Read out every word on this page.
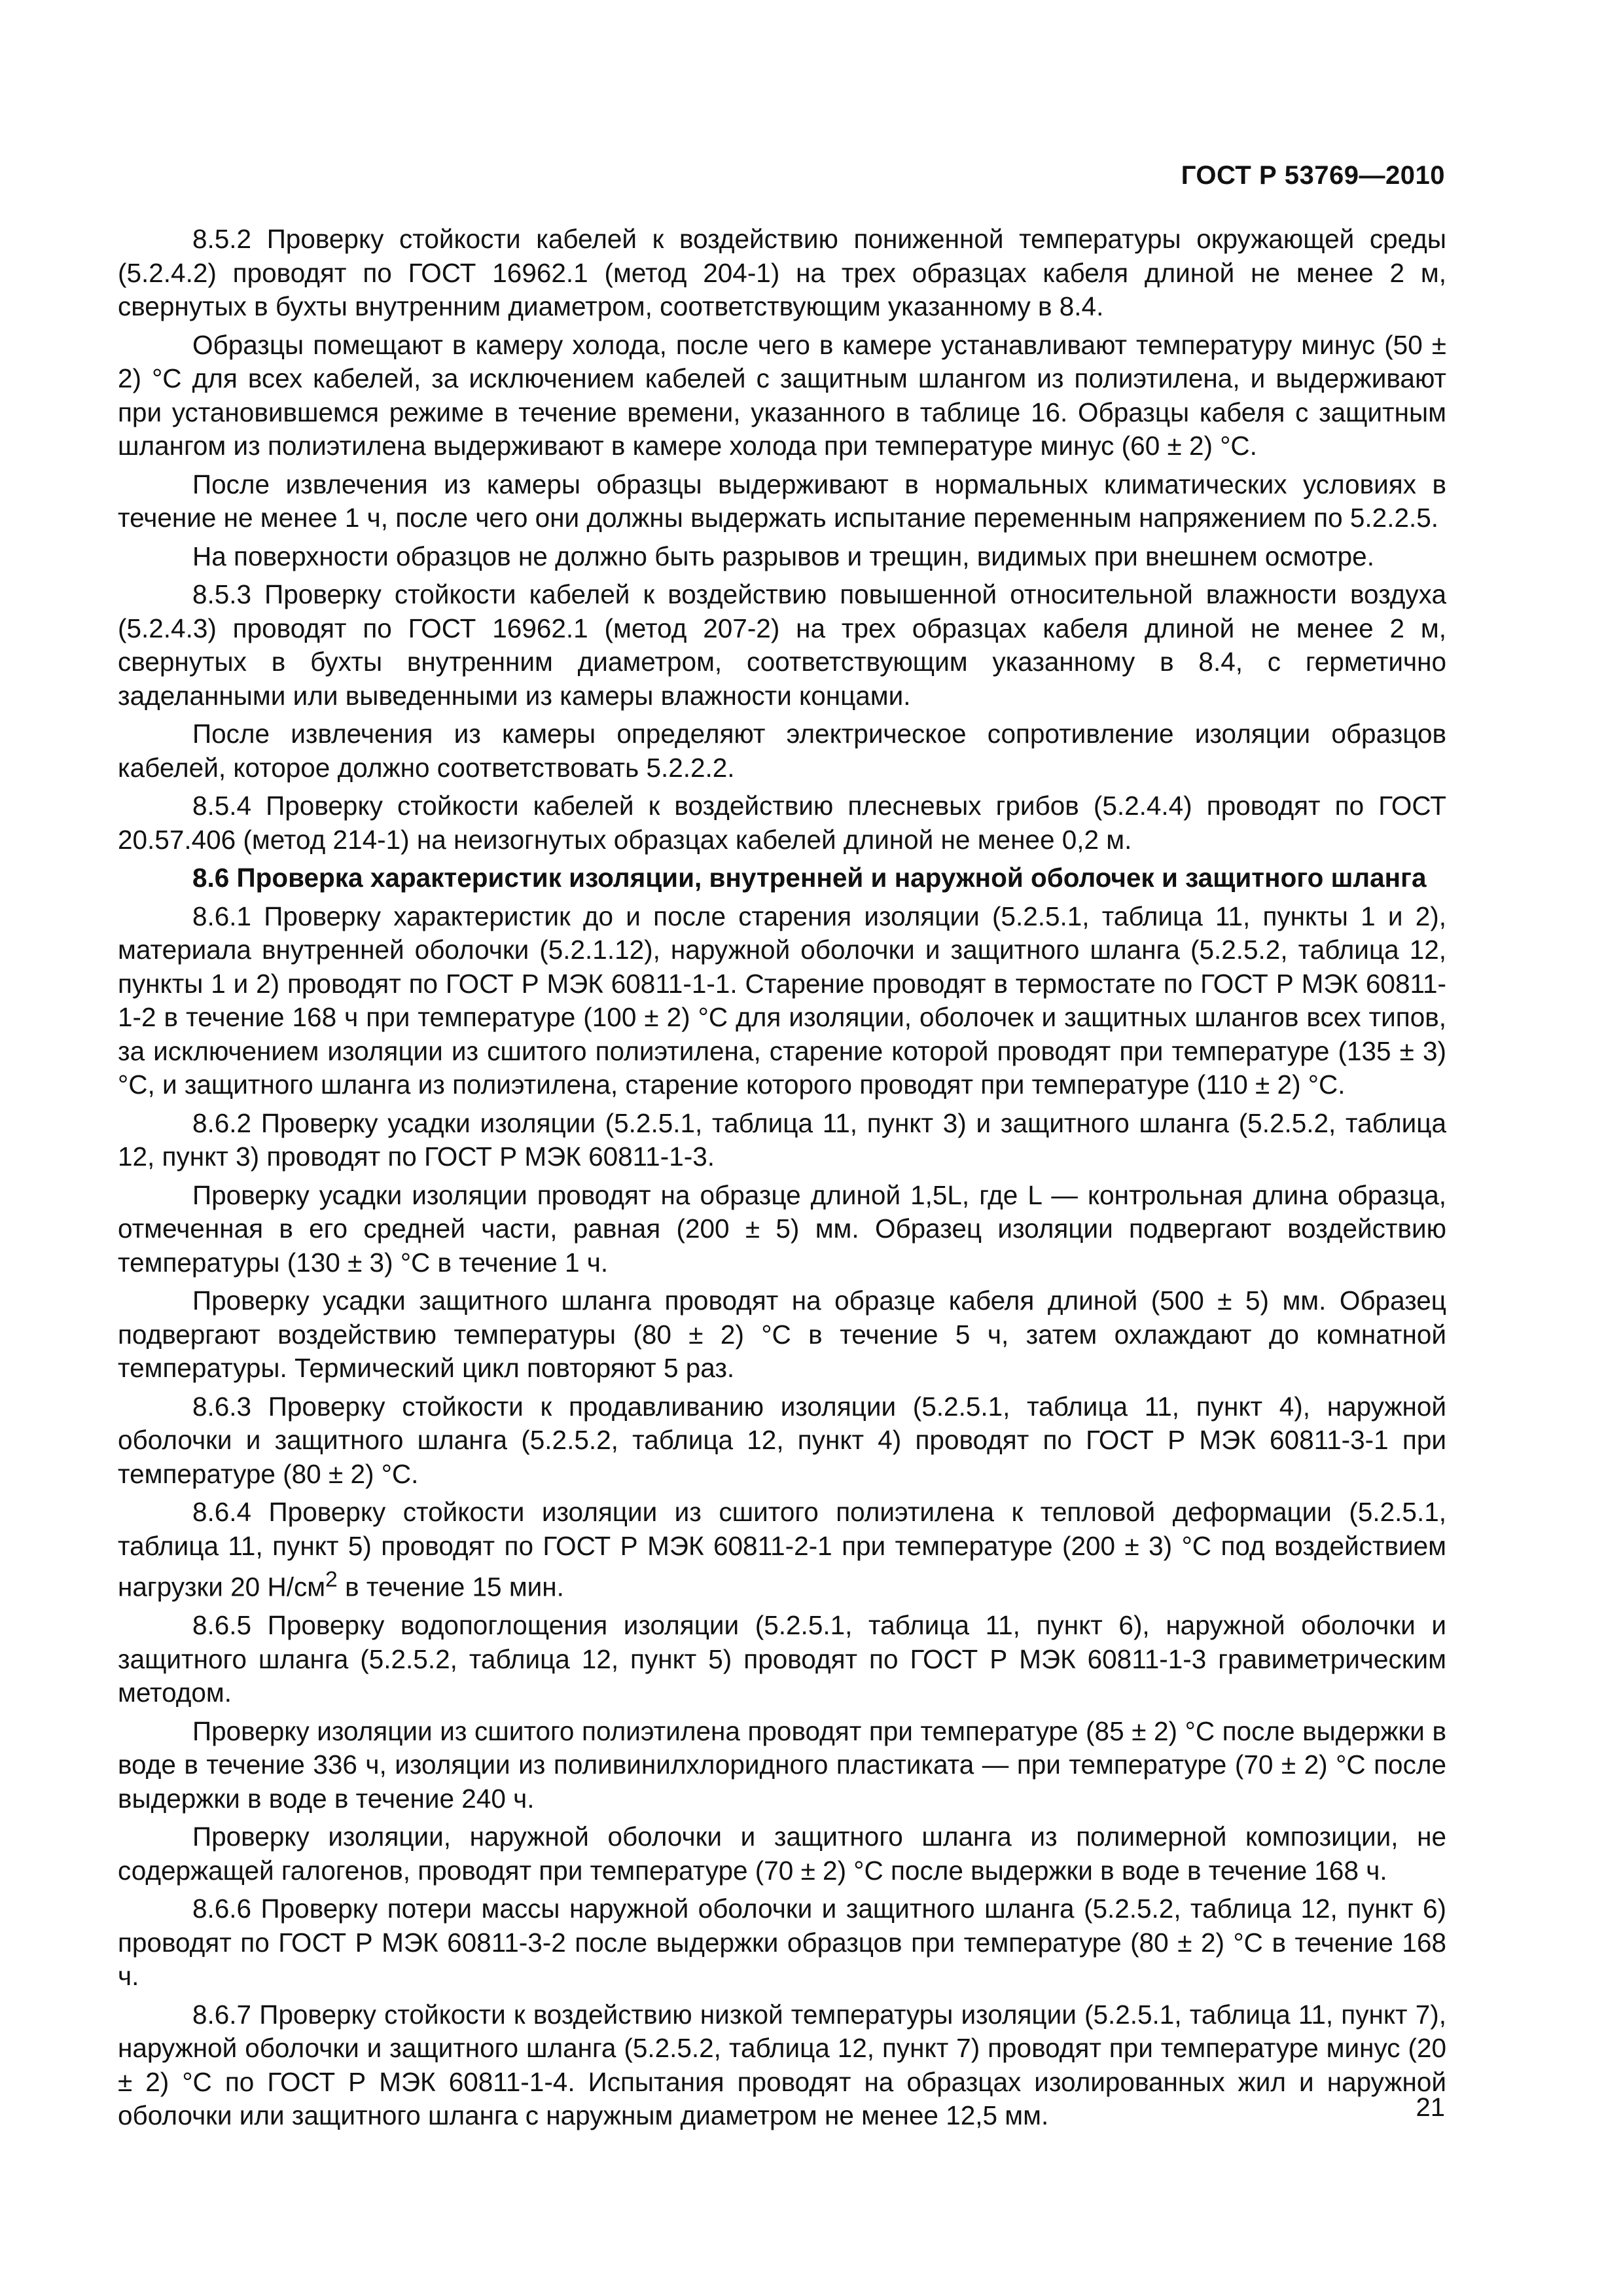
ГОСТ Р 53769—2010

8.5.2 Проверку стойкости кабелей к воздействию пониженной температуры окружающей среды (5.2.4.2) проводят по ГОСТ 16962.1 (метод 204-1) на трех образцах кабеля длиной не менее 2 м, свернутых в бухты внутренним диаметром, соответствующим указанному в 8.4.

Образцы помещают в камеру холода, после чего в камере устанавливают температуру минус (50 ± 2) °С для всех кабелей, за исключением кабелей с защитным шлангом из полиэтилена, и выдерживают при установившемся режиме в течение времени, указанного в таблице 16. Образцы кабеля с защитным шлангом из полиэтилена выдерживают в камере холода при температуре минус (60 ± 2) °С.

После извлечения из камеры образцы выдерживают в нормальных климатических условиях в течение не менее 1 ч, после чего они должны выдержать испытание переменным напряжением по 5.2.2.5.

На поверхности образцов не должно быть разрывов и трещин, видимых при внешнем осмотре.

8.5.3 Проверку стойкости кабелей к воздействию повышенной относительной влажности воздуха (5.2.4.3) проводят по ГОСТ 16962.1 (метод 207-2) на трех образцах кабеля длиной не менее 2 м, свернутых в бухты внутренним диаметром, соответствующим указанному в 8.4, с герметично заделанными или выведенными из камеры влажности концами.

После извлечения из камеры определяют электрическое сопротивление изоляции образцов кабелей, которое должно соответствовать 5.2.2.2.

8.5.4 Проверку стойкости кабелей к воздействию плесневых грибов (5.2.4.4) проводят по ГОСТ 20.57.406 (метод 214-1) на неизогнутых образцах кабелей длиной не менее 0,2 м.

8.6 Проверка характеристик изоляции, внутренней и наружной оболочек и защитного шланга

8.6.1 Проверку характеристик до и после старения изоляции (5.2.5.1, таблица 11, пункты 1 и 2), материала внутренней оболочки (5.2.1.12), наружной оболочки и защитного шланга (5.2.5.2, таблица 12, пункты 1 и 2) проводят по ГОСТ Р МЭК 60811-1-1. Старение проводят в термостате по ГОСТ Р МЭК 60811-1-2 в течение 168 ч при температуре (100 ± 2) °С для изоляции, оболочек и защитных шлангов всех типов, за исключением изоляции из сшитого полиэтилена, старение которой проводят при температуре (135 ± 3) °С, и защитного шланга из полиэтилена, старение которого проводят при температуре (110 ± 2) °С.

8.6.2 Проверку усадки изоляции (5.2.5.1, таблица 11, пункт 3) и защитного шланга (5.2.5.2, таблица 12, пункт 3) проводят по ГОСТ Р МЭК 60811-1-3.

Проверку усадки изоляции проводят на образце длиной 1,5L, где L — контрольная длина образца, отмеченная в его средней части, равная (200 ± 5) мм. Образец изоляции подвергают воздействию температуры (130 ± 3) °С в течение 1 ч.

Проверку усадки защитного шланга проводят на образце кабеля длиной (500 ± 5) мм. Образец подвергают воздействию температуры (80 ± 2) °С в течение 5 ч, затем охлаждают до комнатной температуры. Термический цикл повторяют 5 раз.

8.6.3 Проверку стойкости к продавливанию изоляции (5.2.5.1, таблица 11, пункт 4), наружной оболочки и защитного шланга (5.2.5.2, таблица 12, пункт 4) проводят по ГОСТ Р МЭК 60811-3-1 при температуре (80 ± 2) °С.

8.6.4 Проверку стойкости изоляции из сшитого полиэтилена к тепловой деформации (5.2.5.1, таблица 11, пункт 5) проводят по ГОСТ Р МЭК 60811-2-1 при температуре (200 ± 3) °С под воздействием нагрузки 20 $Н/см^2$ в течение 15 мин.

8.6.5 Проверку водопоглощения изоляции (5.2.5.1, таблица 11, пункт 6), наружной оболочки и защитного шланга (5.2.5.2, таблица 12, пункт 5) проводят по ГОСТ Р МЭК 60811-1-3 гравиметрическим методом.

Проверку изоляции из сшитого полиэтилена проводят при температуре (85 ± 2) °С после выдержки в воде в течение 336 ч, изоляции из поливинилхлоридного пластиката — при температуре (70 ± 2) °С после выдержки в воде в течение 240 ч.

Проверку изоляции, наружной оболочки и защитного шланга из полимерной композиции, не содержащей галогенов, проводят при температуре (70 ± 2) °С после выдержки в воде в течение 168 ч.

8.6.6 Проверку потери массы наружной оболочки и защитного шланга (5.2.5.2, таблица 12, пункт 6) проводят по ГОСТ Р МЭК 60811-3-2 после выдержки образцов при температуре (80 ± 2) °С в течение 168 ч.

8.6.7 Проверку стойкости к воздействию низкой температуры изоляции (5.2.5.1, таблица 11, пункт 7), наружной оболочки и защитного шланга (5.2.5.2, таблица 12, пункт 7) проводят при температуре минус (20 ± 2) °С по ГОСТ Р МЭК 60811-1-4. Испытания проводят на образцах изолированных жил и наружной оболочки или защитного шланга с наружным диаметром не менее 12,5 мм.	21
